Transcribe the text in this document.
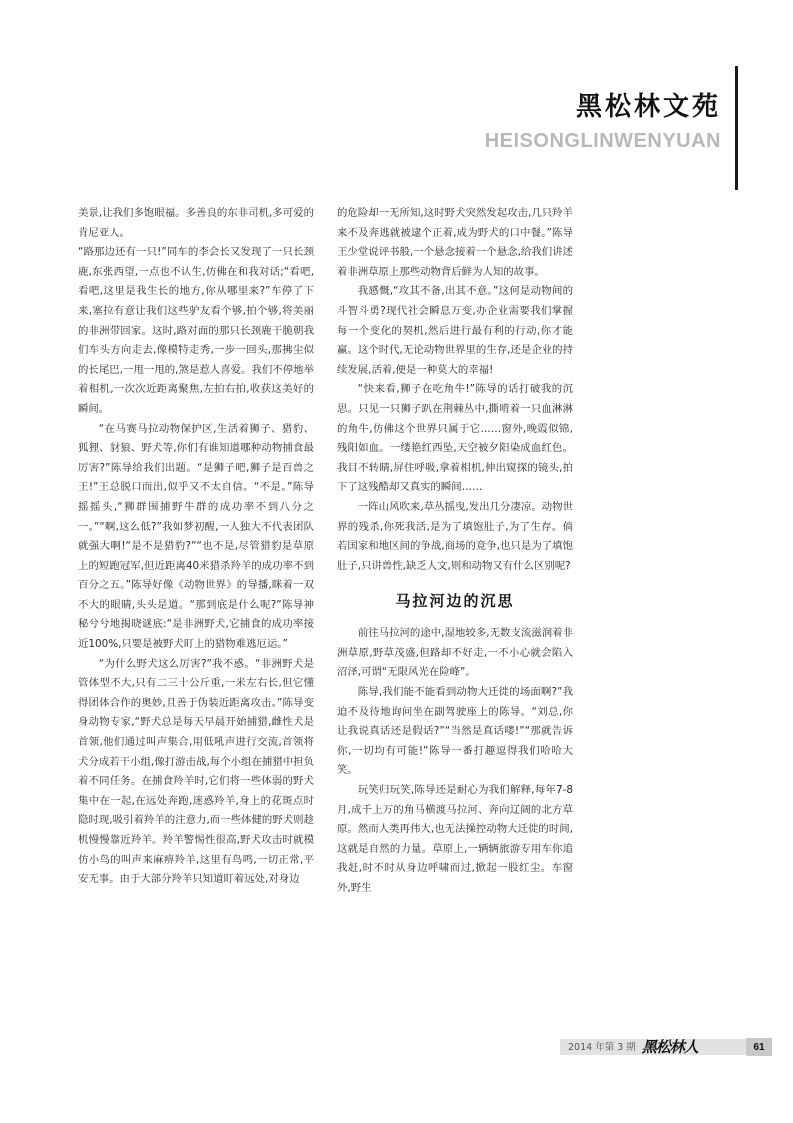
黑松林文苑
HEISONGLINWENYUAN

美景,让我们多饱眼福。多善良的东非司机,多可爱的肯尼亚人。

“路那边还有一只!”同车的李会长又发现了一只长颈鹿,东张西望,一点也不认生,仿佛在和我对话;“看吧,看吧,这里是我生长的地方,你从哪里来?”车停了下来,塞拉有意让我们这些驴友看个够,拍个够,将美丽的非洲带回家。这时,路对面的那只长颈鹿干脆朝我们车头方向走去,像模特走秀,一步一回头,那拂尘似的长尾巴,一甩一甩的,煞是惹人喜爱。我们不停地举着相机,一次次近距离聚焦,左拍右拍,收获这美好的瞬间。

“在马赛马拉动物保护区,生活着狮子、猎豹、狐狸、豺狼、野犬等,你们有谁知道哪种动物捕食最厉害?”陈导给我们出题。“是狮子吧,狮子是百兽之王!”王总脱口而出,似乎又不太自信。“不是。”陈导摇摇头,“狮群围捕野牛群的成功率不到八分之一。”“啊,这么低?”我如梦初醒,一人独大不代表团队就强大啊!“是不是猎豹?”“也不是,尽管猎豹是草原上的短跑冠军,但近距离40米猎杀羚羊的成功率不到百分之五。”陈导好像《动物世界》的导播,眯着一双不大的眼睛,头头是道。“那到底是什么呢?”陈导神秘兮兮地揭晓谜底:“是非洲野犬,它捕食的成功率接近100%,只要是被野犬盯上的猎物难逃厄运。”

“为什么野犬这么厉害?”我不惑。“非洲野犬是管体型不大,只有二三十公斤重,一米左右长,但它懂得团体合作的奥妙,且善于伪装近距离攻击。”陈导变身动物专家,“野犬总是每天早晨开始捕猎,雌性犬是首领,他们通过叫声集合,用低吼声进行交流,首领将犬分成若干小组,像打游击战,每个小组在捕猎中担负着不同任务。在捕食羚羊时,它们将一些体弱的野犬集中在一起,在远处奔跑,迷惑羚羊,身上的花斑点时隐时现,吸引着羚羊的注意力,而一些体健的野犬则趁机慢慢靠近羚羊。羚羊警惕性很高,野犬攻击时就模仿小鸟的叫声来麻痹羚羊,这里有鸟鸣,一切正常,平安无事。由于大部分羚羊只知道盯着远处,对身边

的危险却一无所知,这时野犬突然发起攻击,几只羚羊来不及奔逃就被逮个正着,成为野犬的口中餐。”陈导王少堂说评书般,一个悬念接着一个悬念,给我们讲述着非洲草原上那些动物背后鲜为人知的故事。

我感慨,“攻其不备,出其不意。”这何是动物间的斗智斗勇?现代社会瞬息万变,办企业需要我们掌握每一个变化的契机,然后进行最有利的行动,你才能赢。这个时代,无论动物世界里的生存,还是企业的持续发展,活着,便是一种莫大的幸福!

“快来看,狮子在吃角牛!”陈导的话打破我的沉思。只见一只狮子趴在荆棘丛中,撕啃着一只血淋淋的角牛,仿佛这个世界只属于它……窗外,晚霞似锦,残阳如血。一缕艳红西坠,天空被夕阳染成血红色。我目不转睛,屏住呼吸,拿着相机,伸出窥探的镜头,拍下了这残酷却又真实的瞬间……

一阵山风吹来,草丛摇曳,发出几分凄凉。动物世界的残杀,你死我活,是为了填饱肚子,为了生存。倘若国家和地区间的争战,商场的竞争,也只是为了填饱肚子,只讲兽性,缺乏人文,则和动物又有什么区别呢?

马拉河边的沉思

前往马拉河的途中,湿地较多,无数支流滋润着非洲草原,野草茂盛,但路却不好走,一不小心就会陷入沼泽,可谓“无限风光在险峰”。

陈导,我们能不能看到动物大迁徙的场面啊?”我迫不及待地询问坐在副驾驶座上的陈导。“刘总,你让我说真话还是假话?”“当然是真话喽!”“那就告诉你,一切均有可能!”陈导一番打趣逗得我们哈哈大笑。

玩笑归玩笑,陈导还是耐心为我们解释,每年7-8月,成千上万的角马横渡马拉河、奔向辽阔的北方草原。然而人类再伟大,也无法操控动物大迁徙的时间,这就是自然的力量。草原上,一辆辆旅游专用车你追我赶,时不时从身边呼啸而过,掀起一股红尘。车窗外,野生

2014 年第 3 期 黑松林人	61
